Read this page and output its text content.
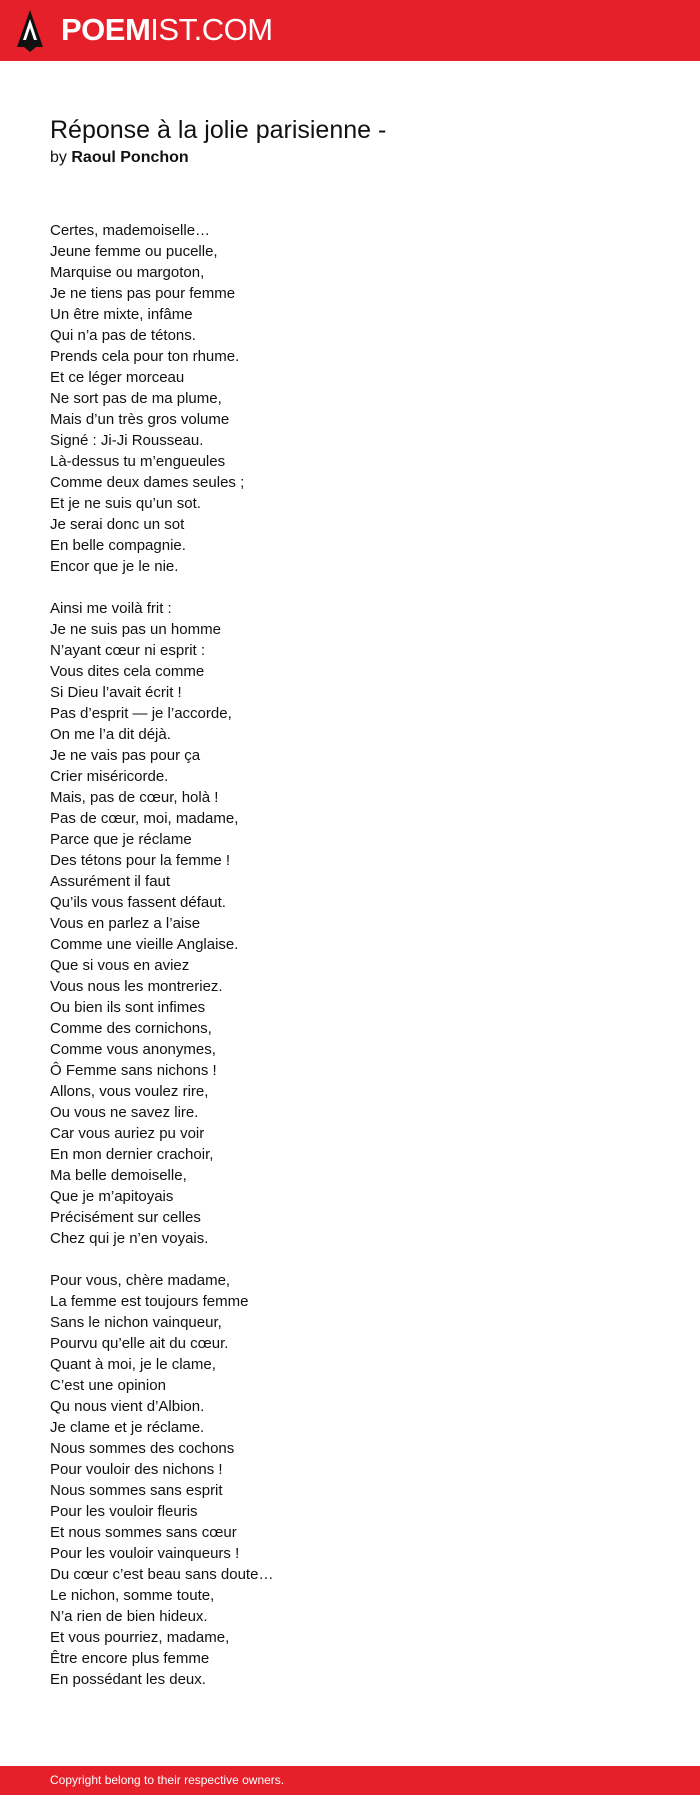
POEMIST.COM
Réponse à la jolie parisienne -

by Raoul Ponchon

Certes, mademoiselle…
Jeune femme ou pucelle,
Marquise ou margoton,
Je ne tiens pas pour femme
Un être mixte, infâme
Qui n’a pas de tétons.
Prends cela pour ton rhume.
Et ce léger morceau
Ne sort pas de ma plume,
Mais d’un très gros volume
Signé : Ji-Ji Rousseau.
Là-dessus tu m’engueules
Comme deux dames seules ;
Et je ne suis qu’un sot.
Je serai donc un sot
En belle compagnie.
Encor que je le nie.
Ainsi me voilà frit :
Je ne suis pas un homme
N’ayant cœur ni esprit :
Vous dites cela comme
Si Dieu l’avait écrit !
Pas d’esprit — je l’accorde,
On me l’a dit déjà.
Je ne vais pas pour ça
Crier miséricorde.
Mais, pas de cœur, holà !
Pas de cœur, moi, madame,
Parce que je réclame
Des tétons pour la femme !
Assurément il faut
Qu’ils vous fassent défaut.
Vous en parlez a l’aise
Comme une vieille Anglaise.
Que si vous en aviez
Vous nous les montreriez.
Ou bien ils sont infimes
Comme des cornichons,
Comme vous anonymes,
Ô Femme sans nichons !
Allons, vous voulez rire,
Ou vous ne savez lire.
Car vous auriez pu voir
En mon dernier crachoir,
Ma belle demoiselle,
Que je m’apitoyais
Précisément sur celles
Chez qui je n’en voyais.
Pour vous, chère madame,
La femme est toujours femme
Sans le nichon vainqueur,
Pourvu qu’elle ait du cœur.
Quant à moi, je le clame,
C’est une opinion
Qu nous vient d’Albion.
Je clame et je réclame.
Nous sommes des cochons
Pour vouloir des nichons !
Nous sommes sans esprit
Pour les vouloir fleuris
Et nous sommes sans cœur
Pour les vouloir vainqueurs !
Du cœur c’est beau sans doute…
Le nichon, somme toute,
N’a rien de bien hideux.
Et vous pourriez, madame,
Être encore plus femme
En possédant les deux.
Copyright belong to their respective owners.
